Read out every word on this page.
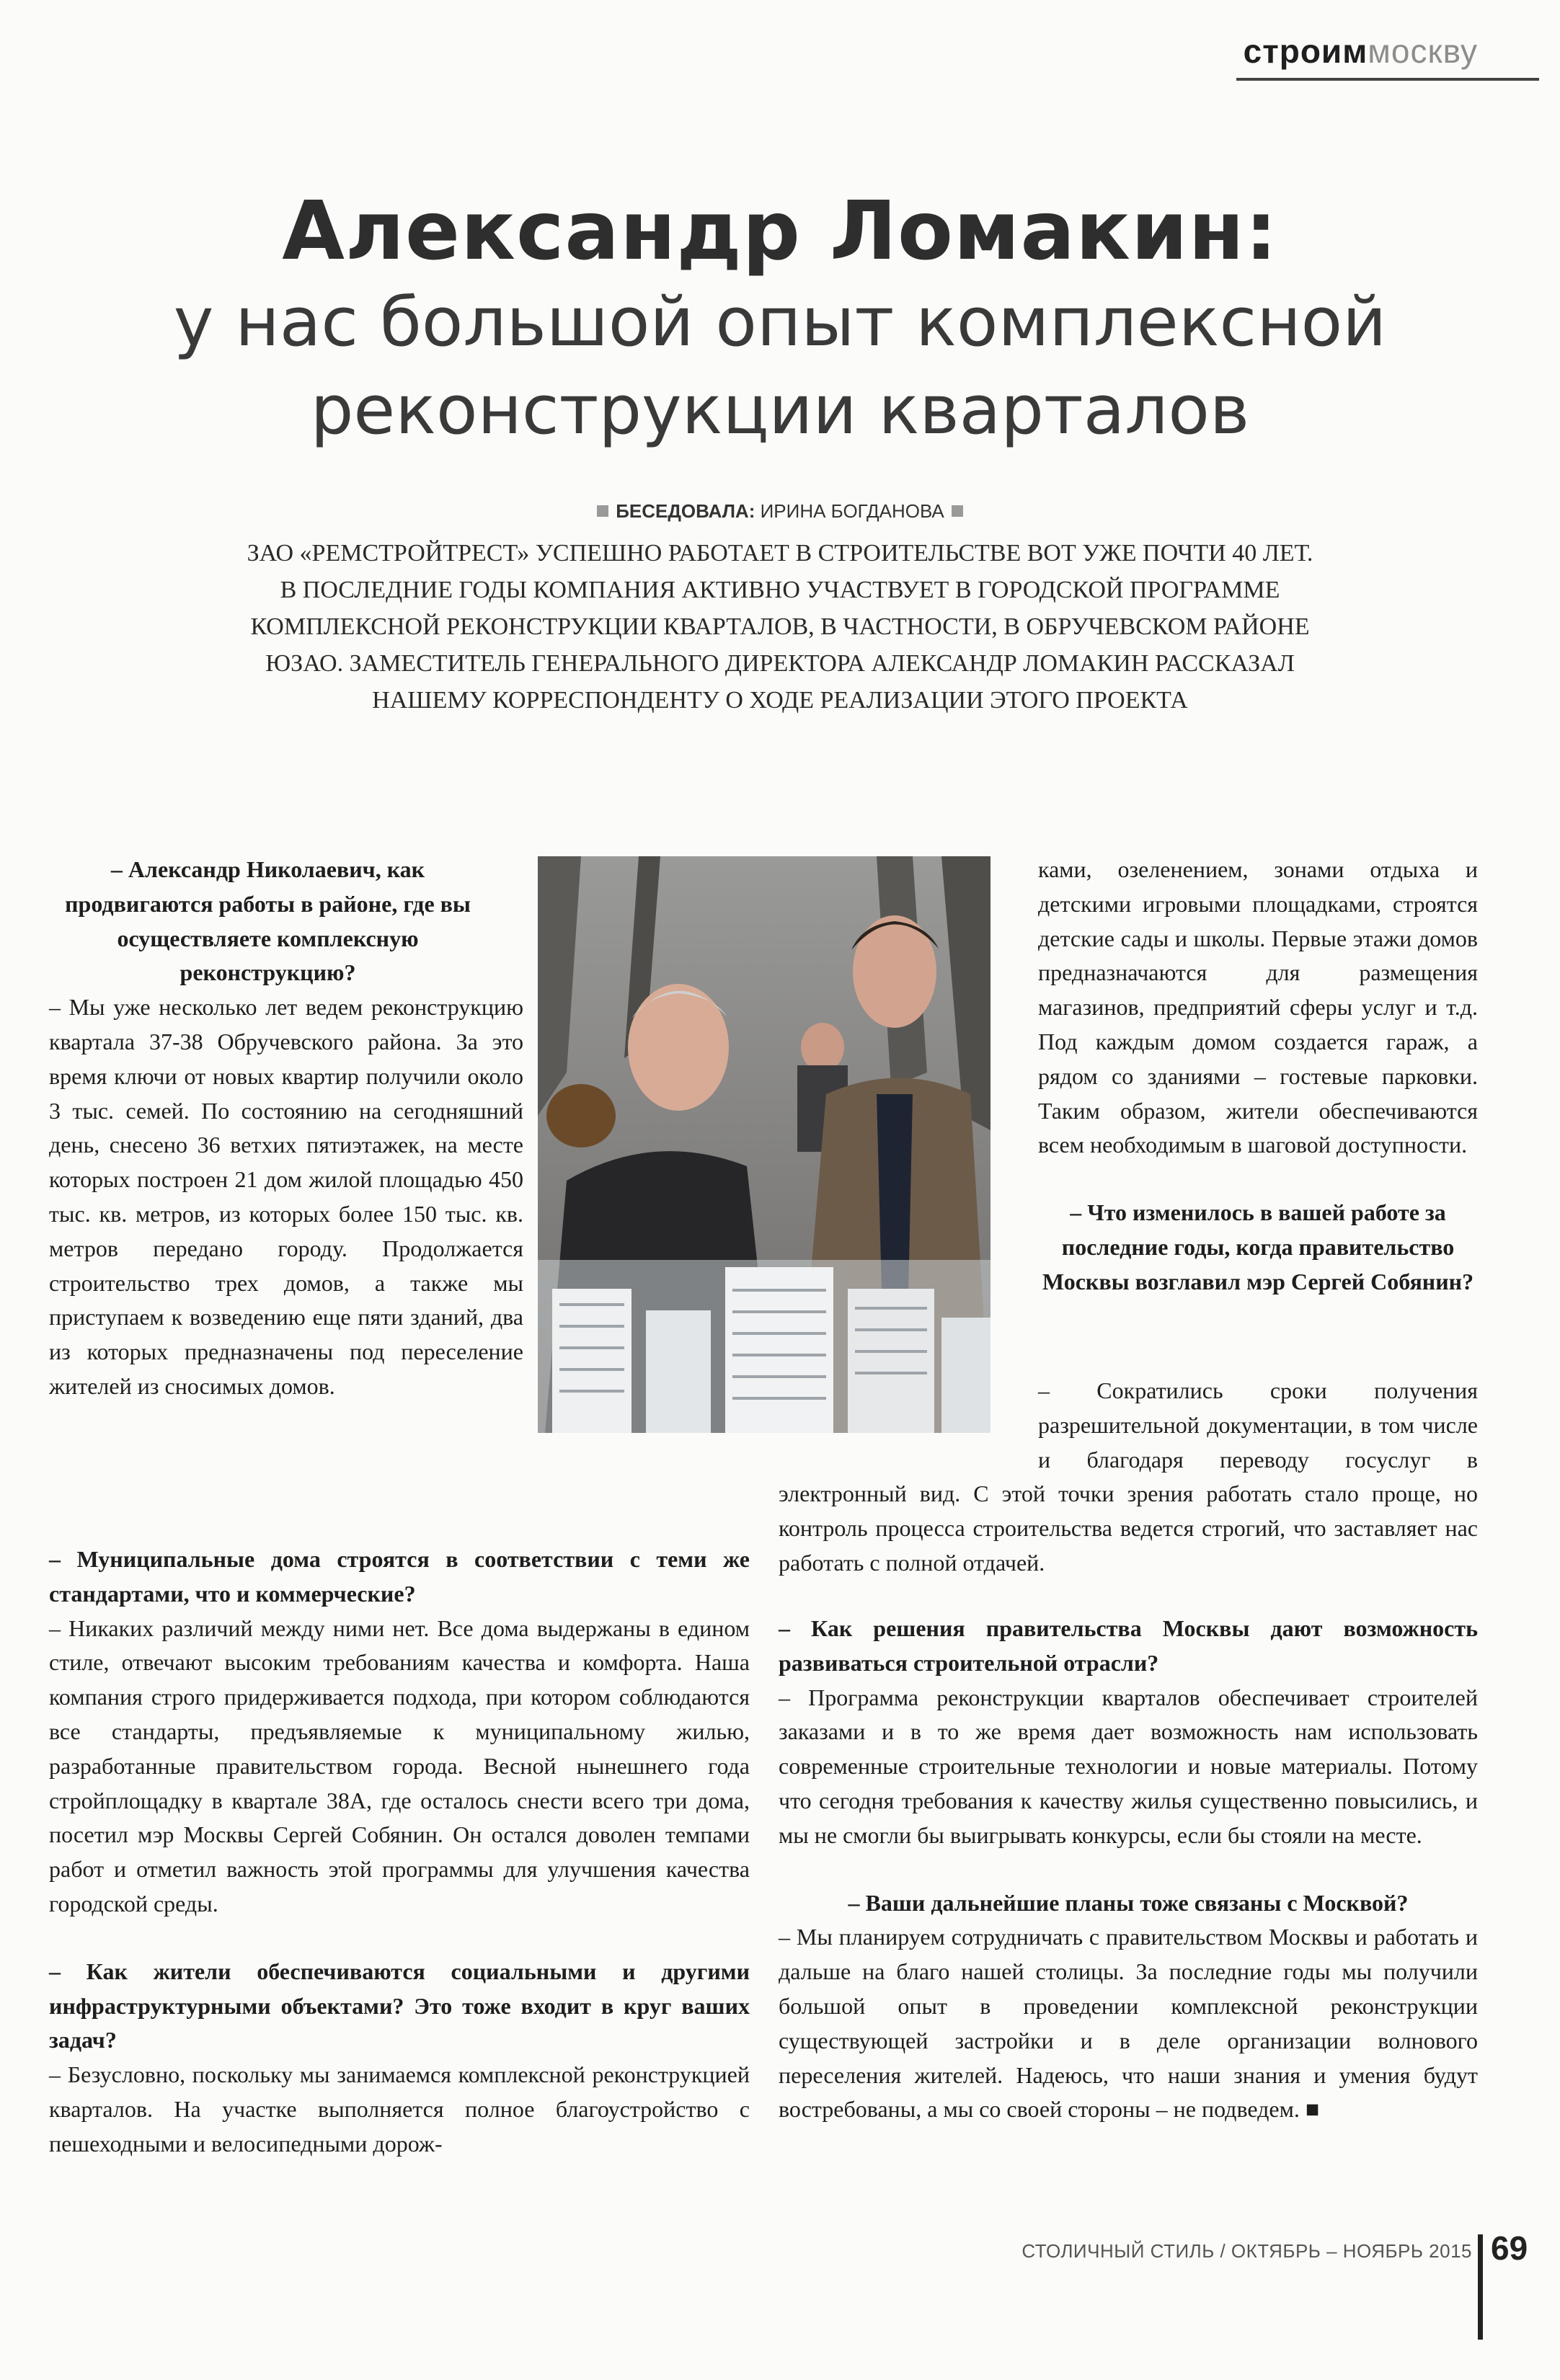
строиммоскву
Александр Ломакин:
у нас большой опыт комплексной
реконструкции кварталов
БЕСЕДОВАЛА: ИРИНА БОГДАНОВА
ЗАО «РЕМСТРОЙТРЕСТ» УСПЕШНО РАБОТАЕТ В СТРОИТЕЛЬСТВЕ ВОТ УЖЕ ПОЧТИ 40 ЛЕТ. В ПОСЛЕДНИЕ ГОДЫ КОМПАНИЯ АКТИВНО УЧАСТВУЕТ В ГОРОДСКОЙ ПРОГРАММЕ КОМПЛЕКСНОЙ РЕКОНСТРУКЦИИ КВАРТАЛОВ, В ЧАСТНОСТИ, В ОБРУЧЕВСКОМ РАЙОНЕ ЮЗАО. ЗАМЕСТИТЕЛЬ ГЕНЕРАЛЬНОГО ДИРЕКТОРА АЛЕКСАНДР ЛОМАКИН РАССКАЗАЛ НАШЕМУ КОРРЕСПОНДЕНТУ О ХОДЕ РЕАЛИЗАЦИИ ЭТОГО ПРОЕКТА

– Александр Николаевич, как продвигаются работы в районе, где вы осуществляете комплексную реконструкцию?

– Мы уже несколько лет ведем реконструкцию квартала 37-38 Обручевского района. За это время ключи от новых квартир получили около 3 тыс. семей. По состоянию на сегодняшний день, снесено 36 ветхих пятиэтажек, на месте которых построен 21 дом жилой площадью 450 тыс. кв. метров, из которых более 150 тыс. кв. метров передано городу. Продолжается строительство трех домов, а также мы приступаем к возведению еще пяти зданий, два из которых предназначены под переселение жителей из сносимых домов.

– Муниципальные дома строятся в соответствии с теми же стандартами, что и коммерческие?

– Никаких различий между ними нет. Все дома выдержаны в едином стиле, отвечают высоким требованиям качества и комфорта. Наша компания строго придерживается подхода, при котором соблюдаются все стандарты, предъявляемые к муниципальному жилью, разработанные правительством города. Весной нынешнего года стройплощадку в квартале 38А, где осталось снести всего три дома, посетил мэр Москвы Сергей Собянин. Он остался доволен темпами работ и отметил важность этой программы для улучшения качества городской среды.

– Как жители обеспечиваются социальными и другими инфраструктурными объектами? Это тоже входит в круг ваших задач?

– Безусловно, поскольку мы занимаемся комплексной реконструкцией кварталов. На участке выполняется полное благоустройство с пешеходными и велосипедными дорож-

ками, озеленением, зонами отдыха и детскими игровыми площадками, строятся детские сады и школы. Первые этажи домов предназначаются для размещения магазинов, предприятий сферы услуг и т.д. Под каждым домом создается гараж, а рядом со зданиями – гостевые парковки. Таким образом, жители обеспечиваются всем необходимым в шаговой доступности.

– Что изменилось в вашей работе за последние годы, когда правительство Москвы возглавил мэр Сергей Собянин?

– Сократились сроки получения разрешительной документации, в том числе и благодаря переводу госуслуг в электронный вид. С этой точки зрения работать стало проще, но контроль процесса строительства ведется строгий, что заставляет нас работать с полной отдачей.

– Как решения правительства Москвы дают возможность развиваться строительной отрасли?

– Программа реконструкции кварталов обеспечивает строителей заказами и в то же время дает возможность нам использовать современные строительные технологии и новые материалы. Потому что сегодня требования к качеству жилья существенно повысились, и мы не смогли бы выигрывать конкурсы, если бы стояли на месте.

– Ваши дальнейшие планы тоже связаны с Москвой?

– Мы планируем сотрудничать с правительством Москвы и работать и дальше на благо нашей столицы. За последние годы мы получили большой опыт в проведении комплексной реконструкции существующей застройки и в деле организации волнового переселения жителей. Надеюсь, что наши знания и умения будут востребованы, а мы со своей стороны – не подведем. ■

СТОЛИЧНЫЙ СТИЛЬ / ОКТЯБРЬ – НОЯБРЬ 2015 69
